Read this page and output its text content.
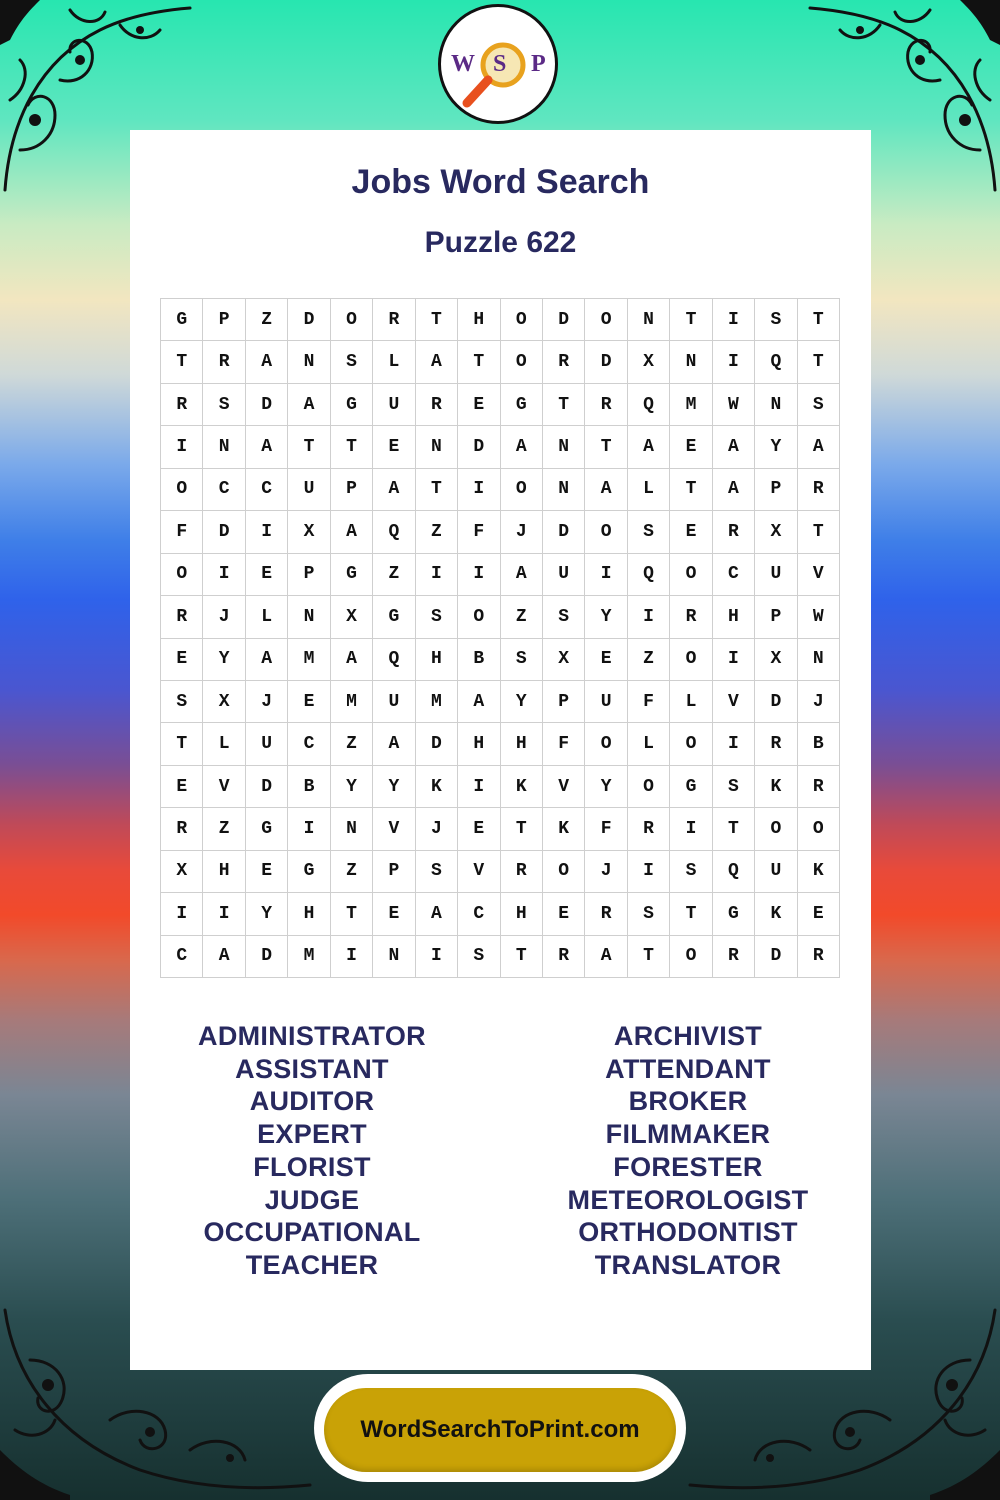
W S P
Jobs Word Search
Puzzle 622
G	P	Z	D	O	R	T	H	O	D	O	N	T	I	S	T
T	R	A	N	S	L	A	T	O	R	D	X	N	I	Q	T
R	S	D	A	G	U	R	E	G	T	R	Q	M	W	N	S
I	N	A	T	T	E	N	D	A	N	T	A	E	A	Y	A
O	C	C	U	P	A	T	I	O	N	A	L	T	A	P	R
F	D	I	X	A	Q	Z	F	J	D	O	S	E	R	X	T
O	I	E	P	G	Z	I	I	A	U	I	Q	O	C	U	V
R	J	L	N	X	G	S	O	Z	S	Y	I	R	H	P	W
E	Y	A	M	A	Q	H	B	S	X	E	Z	O	I	X	N
S	X	J	E	M	U	M	A	Y	P	U	F	L	V	D	J
T	L	U	C	Z	A	D	H	H	F	O	L	O	I	R	B
E	V	D	B	Y	Y	K	I	K	V	Y	O	G	S	K	R
R	Z	G	I	N	V	J	E	T	K	F	R	I	T	O	O
X	H	E	G	Z	P	S	V	R	O	J	I	S	Q	U	K
I	I	Y	H	T	E	A	C	H	E	R	S	T	G	K	E
C	A	D	M	I	N	I	S	T	R	A	T	O	R	D	R
ADMINISTRATOR
ASSISTANT
AUDITOR
EXPERT
FLORIST
JUDGE
OCCUPATIONAL
TEACHER
ARCHIVIST
ATTENDANT
BROKER
FILMMAKER
FORESTER
METEOROLOGIST
ORTHODONTIST
TRANSLATOR
WordSearchToPrint.com
